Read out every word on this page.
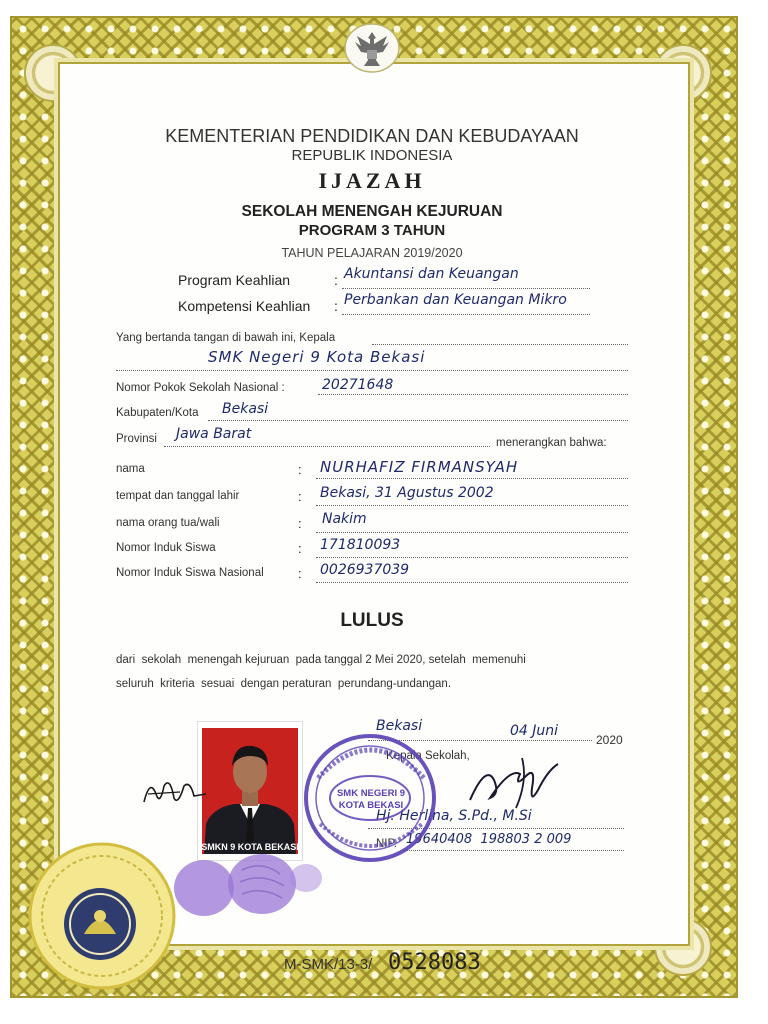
KEMENTERIAN PENDIDIKAN DAN KEBUDAYAAN
REPUBLIK INDONESIA
IJAZAH
SEKOLAH MENENGAH KEJURUAN
PROGRAM 3 TAHUN
TAHUN PELAJARAN 2019/2020
Program Keahlian	: Akuntansi dan Keuangan
Kompetensi Keahlian : Perbankan dan Keuangan Mikro
Yang bertanda tangan di bawah ini, Kepala
SMK Negeri 9 Kota Bekasi
Nomor Pokok Sekolah Nasional :	20271648
Kabupaten/Kota Bekasi
Provinsi Jawa Barat
menerangkan bahwa:
nama	: NURHAFIZ FIRMANSYAH
tempat dan tanggal lahir	: Bekasi, 31 Agustus 2002
nama orang tua/wali	: Nakim
Nomor Induk Siswa	: 171810093
Nomor Induk Siswa Nasional	: 0026937039
LULUS
dari  sekolah  menengah kejuruan  pada tanggal 2 Mei 2020, setelah  memenuhi
seluruh  kriteria  sesuai  dengan peraturan  perundang-undangan.
SMKN 9 KOTA BEKASI
Bekasi	04 Juni
2020
Kepala Sekolah,
Hj. Herlina, S.Pd., M.Si
NIP. 19640408  198803 2 009
SMK NEGERI 9
KOTA BEKASI
M-SMK/13-3/ 0528083
